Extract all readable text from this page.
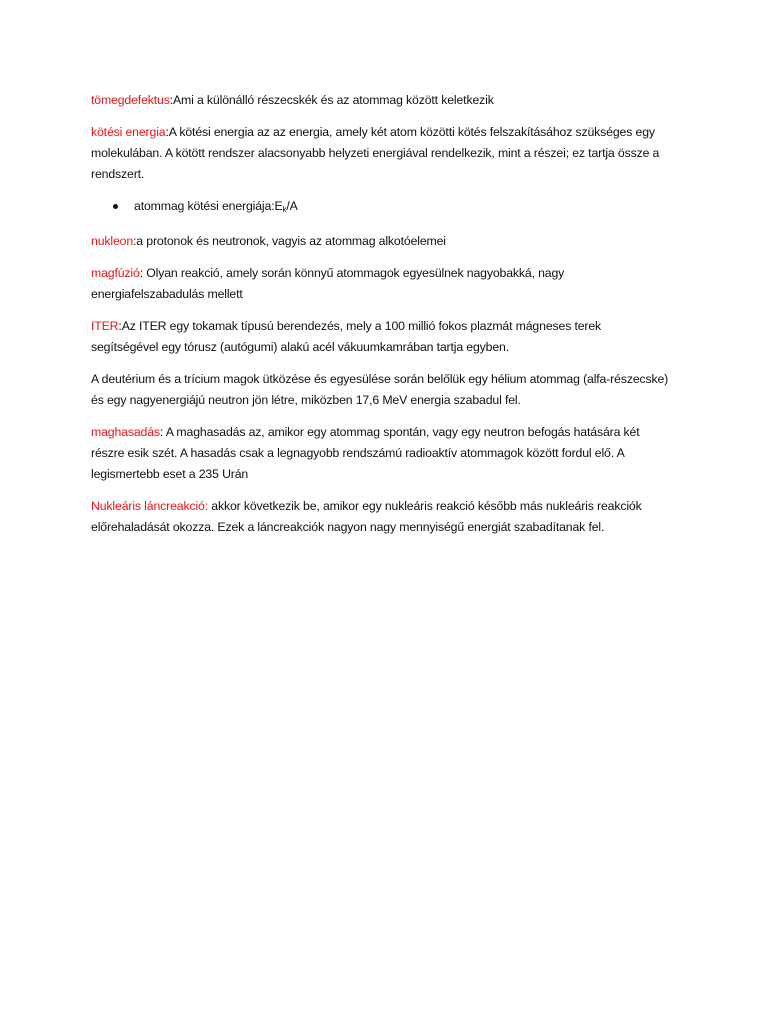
tömegdefektus:Ami a különálló részecskék és az atommag között keletkezik

kötési energia:A kötési energia az az energia, amely két atom közötti kötés felszakításához szükséges egy molekulában. A kötött rendszer alacsonyabb helyzeti energiával rendelkezik, mint a részei; ez tartja össze a rendszert.

atommag kötési $energiája:E_k/A$

nukleon:a protonok és neutronok, vagyis az atommag alkotóelemei

magfúzió: Olyan reakció, amely során könnyű atommagok egyesülnek nagyobakká, nagy energiafelszabadulás mellett

ITER:Az ITER egy tokamak típusú berendezés, mely a 100 millió fokos plazmát mágneses terek segítségével egy tórusz (autógumi) alakú acél vákuumkamrában tartja egyben.

A deutérium és a trícium magok ütközése és egyesülése során belőlük egy hélium atommag (alfa-részecske) és egy nagyenergiájú neutron jön létre, miközben 17,6 MeV energia szabadul fel.

maghasadás: A maghasadás az, amikor egy atommag spontán, vagy egy neutron befogás hatására két részre esik szét. A hasadás csak a legnagyobb rendszámú radioaktív atommagok között fordul elő. A legismertebb eset a 235 Urán

Nukleáris láncreakció: akkor következik be, amikor egy nukleáris reakció később más nukleáris reakciók előrehaladását okozza. Ezek a láncreakciók nagyon nagy mennyiségű energiát szabadítanak fel.
